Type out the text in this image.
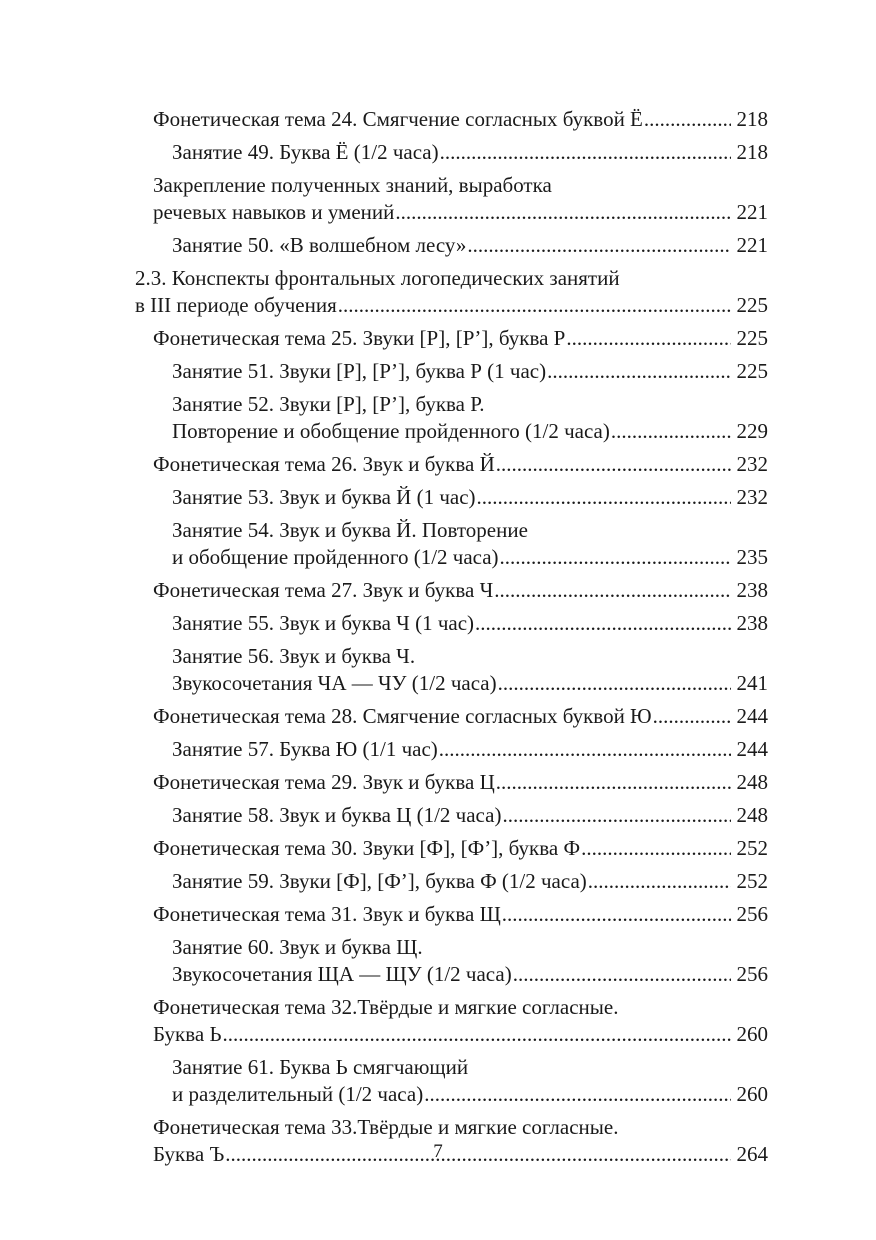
Фонетическая тема 24. Смягчение согласных буквой Ё .....	218
Занятие 49. Буква Ё (1/2 часа) .....	218
Закрепление полученных знаний, выработка
речевых навыков и умений .....	221
Занятие 50. «В волшебном лесу» .....	221
2.3. Конспекты фронтальных логопедических занятий
в III периоде обучения .....	225
Фонетическая тема 25. Звуки [Р], [Р’], буква Р .....	225
Занятие 51. Звуки [Р], [Р’], буква Р (1 час) .....	225
Занятие 52. Звуки [Р], [Р’], буква Р.
Повторение и обобщение пройденного (1/2 часа) .....	229
Фонетическая тема 26. Звук и буква Й .....	232
Занятие 53. Звук и буква Й (1 час) .....	232
Занятие 54. Звук и буква Й. Повторение
и обобщение пройденного (1/2 часа) .....	235
Фонетическая тема 27. Звук и буква Ч .....	238
Занятие 55. Звук и буква Ч (1 час) .....	238
Занятие 56. Звук и буква Ч.
Звукосочетания ЧА — ЧУ (1/2 часа) .....	241
Фонетическая тема 28. Смягчение согласных буквой Ю .....	244
Занятие 57. Буква Ю (1/1 час) .....	244
Фонетическая тема 29. Звук и буква Ц .....	248
Занятие 58. Звук и буква Ц (1/2 часа) .....	248
Фонетическая тема 30. Звуки [Ф], [Ф’], буква Ф .....	252
Занятие 59. Звуки [Ф], [Ф’], буква Ф (1/2 часа) .....	252
Фонетическая тема 31. Звук и буква Щ .....	256
Занятие 60. Звук и буква Щ.
Звукосочетания ЩА — ЩУ (1/2 часа) .....	256
Фонетическая тема 32.Твёрдые и мягкие согласные.
Буква Ь .....	260
Занятие 61. Буква Ь смягчающий
и разделительный (1/2 часа) .....	260
Фонетическая тема 33.Твёрдые и мягкие согласные.
Буква Ъ .....	264
7
